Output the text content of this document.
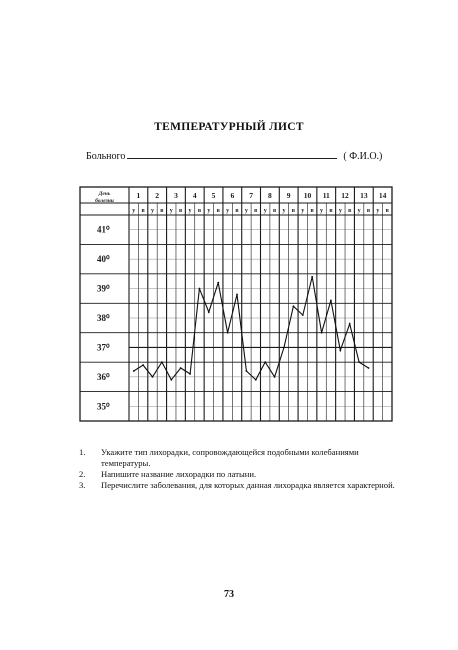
ТЕМПЕРАТУРНЫЙ ЛИСТ
Больного	( Ф.И.О.)
1
у в
2
у в
3
у в
4
у в
5
у в
6
у в
7
у в
8
у в
9
у в
10
у в
11
у в
12
у в
13
у в
14
у в
День
болезни
41⁰
40⁰
39⁰
38⁰
37⁰
36⁰
35⁰
1. Укажите тип лихорадки, сопровождающейся подобными колебаниями температуры.
2. Напишите название лихорадки по латыни.
3. Перечислите заболевания, для которых данная лихорадка является характерной.
73
